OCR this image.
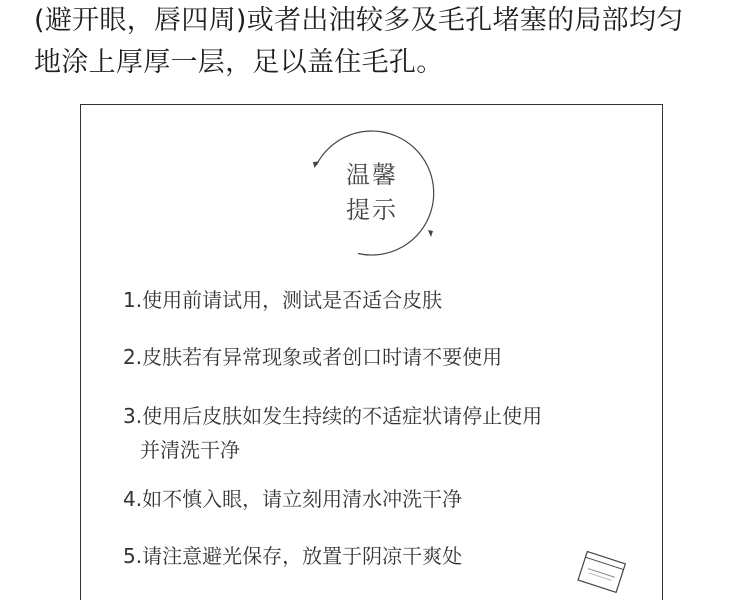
(避开眼，唇四周)或者出油较多及毛孔堵塞的局部均匀
地涂上厚厚一层，足以盖住毛孔。
温馨
提示
1.使用前请试用，测试是否适合皮肤
2.皮肤若有异常现象或者创口时请不要使用
3.使用后皮肤如发生持续的不适症状请停止使用
并清洗干净
4.如不慎入眼，请立刻用清水冲洗干净
5.请注意避光保存，放置于阴凉干爽处
